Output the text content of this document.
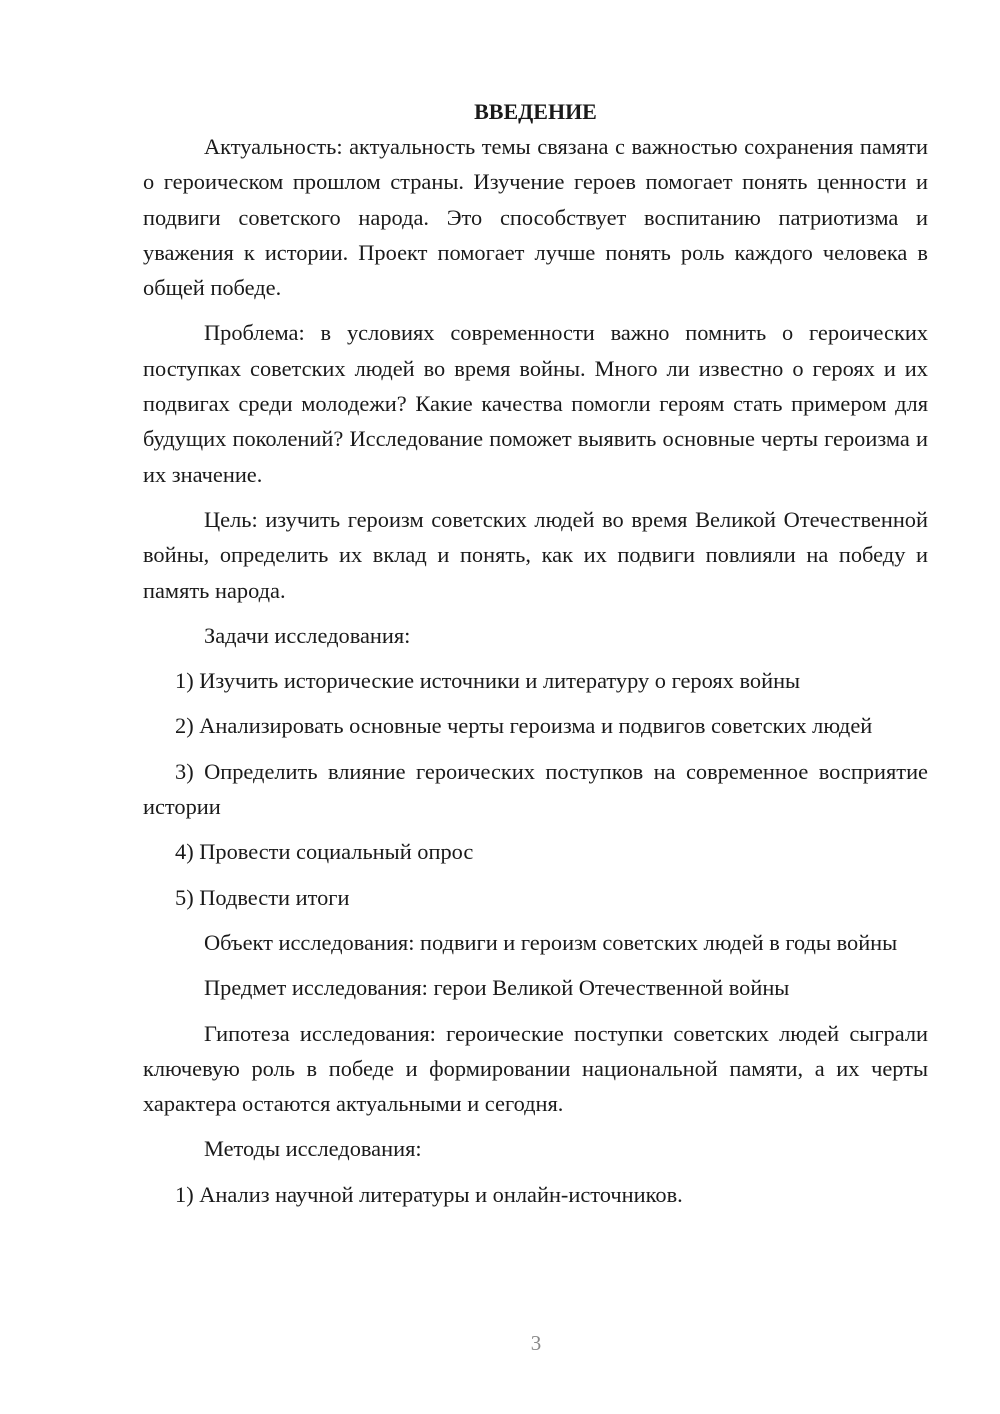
ВВЕДЕНИЕ

Актуальность: актуальность темы связана с важностью сохранения памяти о героическом прошлом страны. Изучение героев помогает понять ценности и подвиги советского народа. Это способствует воспитанию патриотизма и уважения к истории. Проект помогает лучше понять роль каждого человека в общей победе.

Проблема: в условиях современности важно помнить о героических поступках советских людей во время войны. Много ли известно о героях и их подвигах среди молодежи? Какие качества помогли героям стать примером для будущих поколений? Исследование поможет выявить основные черты героизма и их значение.

Цель: изучить героизм советских людей во время Великой Отечественной войны, определить их вклад и понять, как их подвиги повлияли на победу и память народа.

Задачи исследования:

1) Изучить исторические источники и литературу о героях войны

2) Анализировать основные черты героизма и подвигов советских людей

3) Определить влияние героических поступков на современное восприятие истории

4) Провести социальный опрос

5) Подвести итоги

Объект исследования: подвиги и героизм советских людей в годы войны

Предмет исследования: герои Великой Отечественной войны

Гипотеза исследования: героические поступки советских людей сыграли ключевую роль в победе и формировании национальной памяти, а их черты характера остаются актуальными и сегодня.

Методы исследования:

1) Анализ научной литературы и онлайн-источников.

3
